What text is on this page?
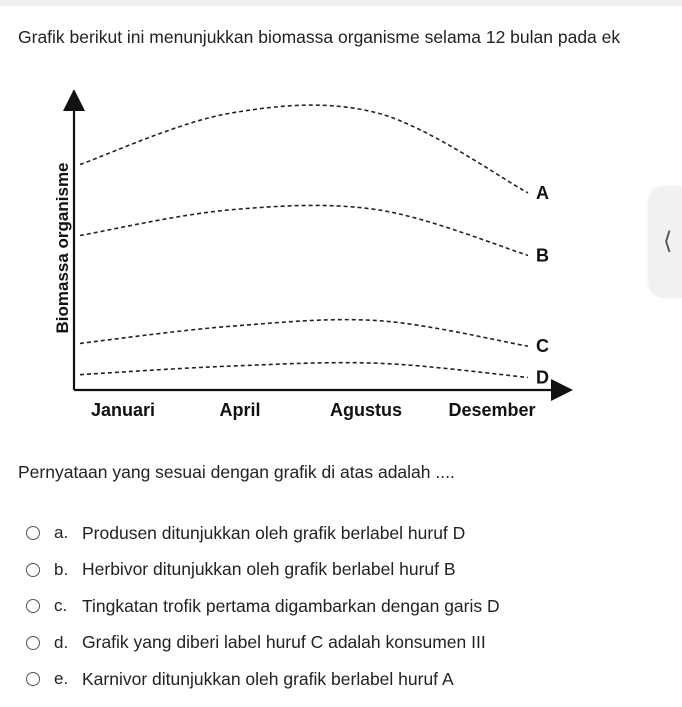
Grafik berikut ini menunjukkan biomassa organisme selama 12 bulan pada ek
Biomassa organisme	A
B
C
D
Januari	April	Agustus	Desember
⟨
Pernyataan yang sesuai dengan grafik di atas adalah ....
a. Produsen ditunjukkan oleh grafik berlabel huruf D
b. Herbivor ditunjukkan oleh grafik berlabel huruf B
c. Tingkatan trofik pertama digambarkan dengan garis D
d. Grafik yang diberi label huruf C adalah konsumen III
e. Karnivor ditunjukkan oleh grafik berlabel huruf A
